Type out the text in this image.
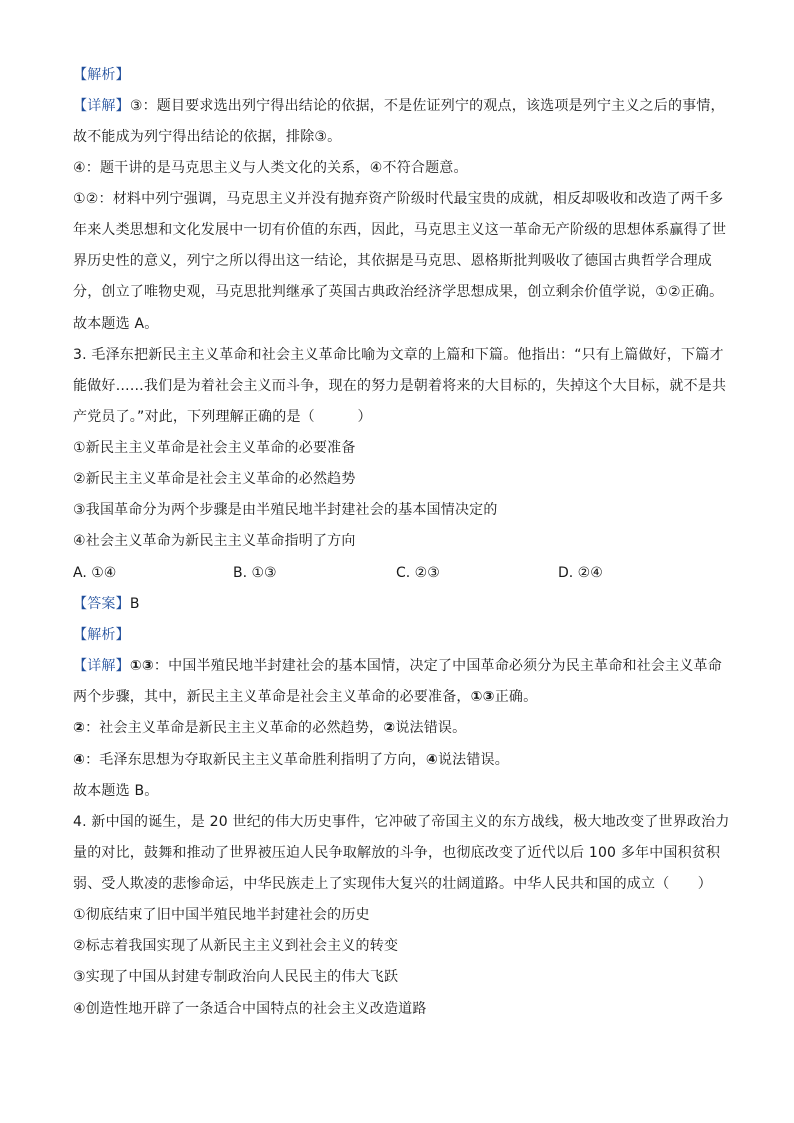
【解析】
【详解】③：题目要求选出列宁得出结论的依据，不是佐证列宁的观点，该选项是列宁主义之后的事情，
故不能成为列宁得出结论的依据，排除③。
④：题干讲的是马克思主义与人类文化的关系，④不符合题意。
①②：材料中列宁强调，马克思主义并没有抛弃资产阶级时代最宝贵的成就，相反却吸收和改造了两千多
年来人类思想和文化发展中一切有价值的东西，因此，马克思主义这一革命无产阶级的思想体系赢得了世
界历史性的意义，列宁之所以得出这一结论，其依据是马克思、恩格斯批判吸收了德国古典哲学合理成
分，创立了唯物史观，马克思批判继承了英国古典政治经济学思想成果，创立剩余价值学说，①②正确。
故本题选 A。
3. 毛泽东把新民主主义革命和社会主义革命比喻为文章的上篇和下篇。他指出：“只有上篇做好，下篇才
能做好……我们是为着社会主义而斗争，现在的努力是朝着将来的大目标的，失掉这个大目标，就不是共
产党员了。”对此，下列理解正确的是（　　　）
①新民主主义革命是社会主义革命的必要准备
②新民主主义革命是社会主义革命的必然趋势
③我国革命分为两个步骤是由半殖民地半封建社会的基本国情决定的
④社会主义革命为新民主主义革命指明了方向
A. ①④	B. ①③	C. ②③	D. ②④
【答案】B
【解析】
【详解】①③：中国半殖民地半封建社会的基本国情，决定了中国革命必须分为民主革命和社会主义革命
两个步骤，其中，新民主主义革命是社会主义革命的必要准备，①③正确。
②：社会主义革命是新民主主义革命的必然趋势，②说法错误。
④：毛泽东思想为夺取新民主主义革命胜利指明了方向，④说法错误。
故本题选 B。
4. 新中国的诞生，是 20 世纪的伟大历史事件，它冲破了帝国主义的东方战线，极大地改变了世界政治力
量的对比，鼓舞和推动了世界被压迫人民争取解放的斗争，也彻底改变了近代以后 100 多年中国积贫积
弱、受人欺凌的悲惨命运，中华民族走上了实现伟大复兴的壮阔道路。中华人民共和国的成立（　　）
①彻底结束了旧中国半殖民地半封建社会的历史
②标志着我国实现了从新民主主义到社会主义的转变
③实现了中国从封建专制政治向人民民主的伟大飞跃
④创造性地开辟了一条适合中国特点的社会主义改造道路
